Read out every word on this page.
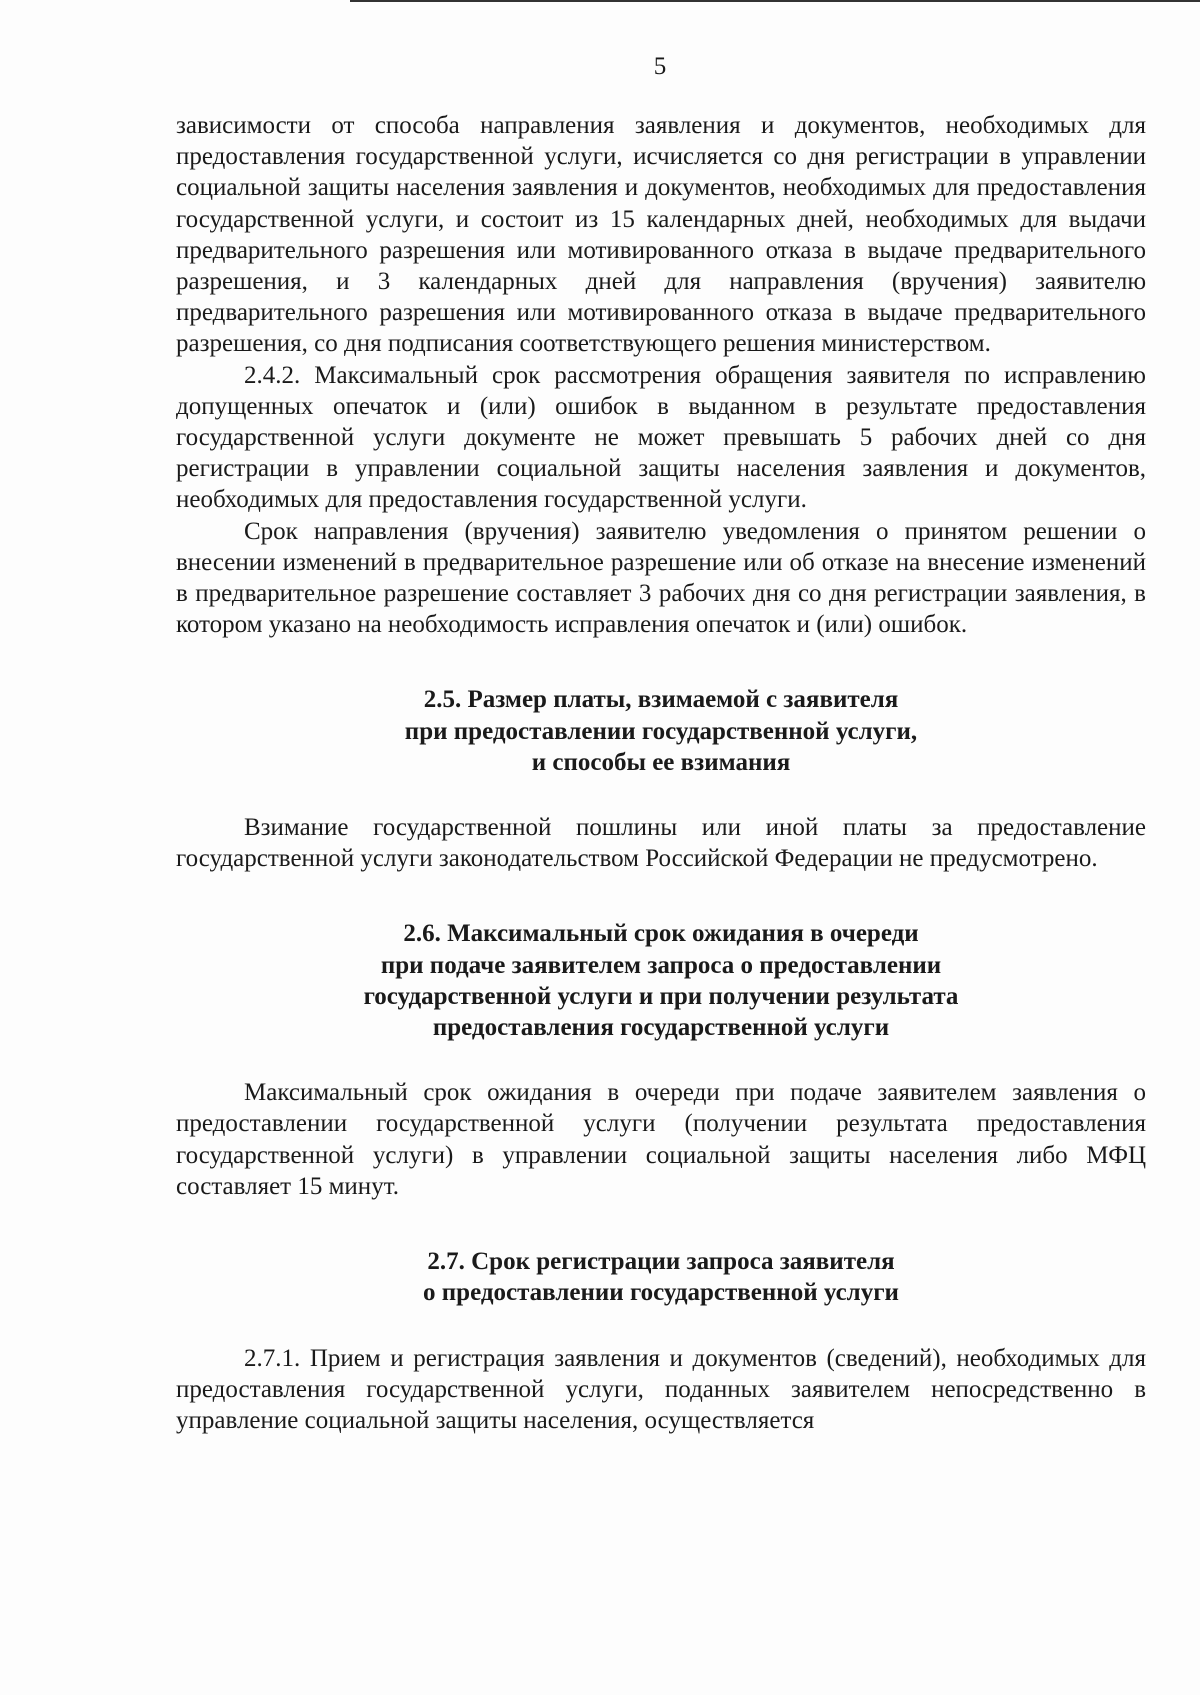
5

зависимости от способа направления заявления и документов, необходимых для предоставления государственной услуги, исчисляется со дня регистрации в управлении социальной защиты населения заявления и документов, необходимых для предоставления государственной услуги, и состоит из 15 календарных дней, необходимых для выдачи предварительного разрешения или мотивированного отказа в выдаче предварительного разрешения, и 3 календарных дней для направления (вручения) заявителю предварительного разрешения или мотивированного отказа в выдаче предварительного разрешения, со дня подписания соответствующего решения министерством.

2.4.2. Максимальный срок рассмотрения обращения заявителя по исправлению допущенных опечаток и (или) ошибок в выданном в результате предоставления государственной услуги документе не может превышать 5 рабочих дней со дня регистрации в управлении социальной защиты населения заявления и документов, необходимых для предоставления государственной услуги.

Срок направления (вручения) заявителю уведомления о принятом решении о внесении изменений в предварительное разрешение или об отказе на внесение изменений в предварительное разрешение составляет 3 рабочих дня со дня регистрации заявления, в котором указано на необходимость исправления опечаток и (или) ошибок.

2.5. Размер платы, взимаемой с заявителя
при предоставлении государственной услуги,
и способы ее взимания

Взимание государственной пошлины или иной платы за предоставление государственной услуги законодательством Российской Федерации не предусмотрено.

2.6. Максимальный срок ожидания в очереди
при подаче заявителем запроса о предоставлении
государственной услуги и при получении результата
предоставления государственной услуги

Максимальный срок ожидания в очереди при подаче заявителем заявления о предоставлении государственной услуги (получении результата предоставления государственной услуги) в управлении социальной защиты населения либо МФЦ составляет 15 минут.

2.7. Срок регистрации запроса заявителя
о предоставлении государственной услуги

2.7.1. Прием и регистрация заявления и документов (сведений), необходимых для предоставления государственной услуги, поданных заявителем непосредственно в управление социальной защиты населения, осуществляется
